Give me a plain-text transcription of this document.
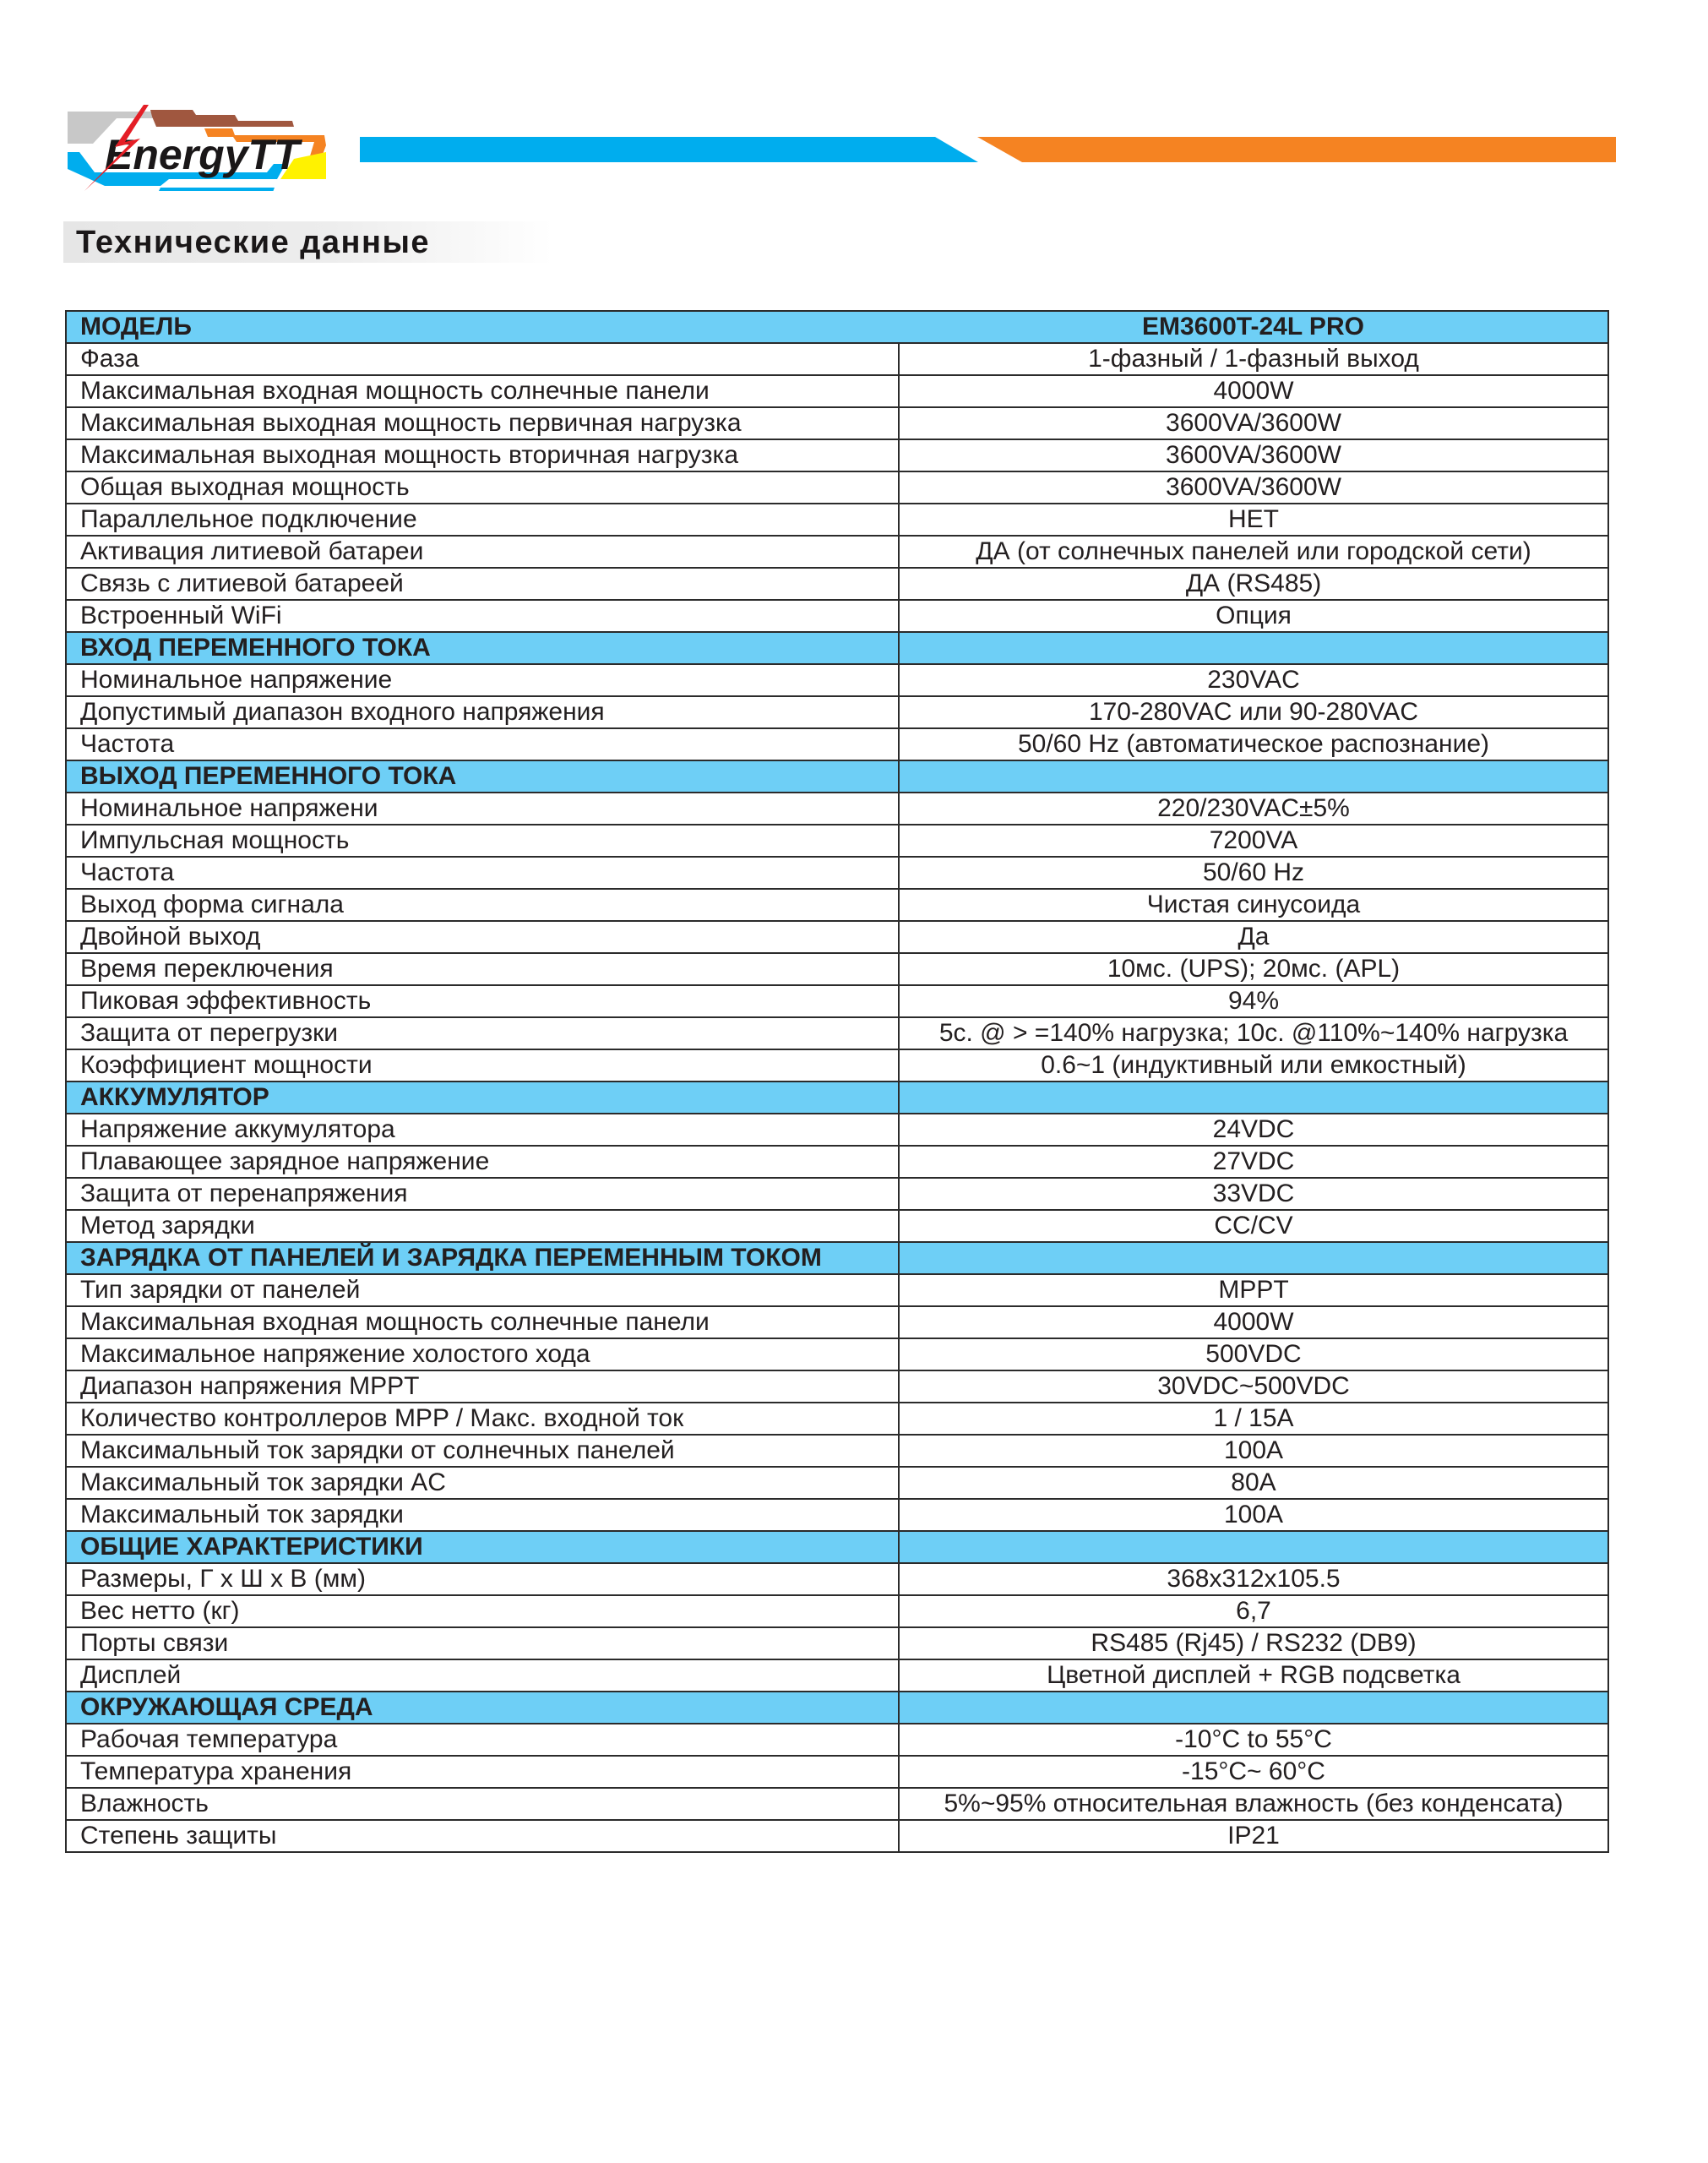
EnergyTT
Технические данные
МОДЕЛЬ	EM3600T-24L PRO
Фаза	1-фазный / 1-фазный выход
Максимальная входная мощность солнечные панели	4000W
Максимальная выходная мощность первичная нагрузка	3600VA/3600W
Максимальная выходная мощность вторичная нагрузка	3600VA/3600W
Общая выходная мощность	3600VA/3600W
Параллельное подключение	НЕТ
Активация литиевой батареи	ДА (от солнечных панелей или городской сети)
Связь с литиевой батареей	ДА (RS485)
Встроенный WiFi	Опция
ВХОД ПЕРЕМЕННОГО ТОКА	
Номинальное напряжение	230VAC
Допустимый диапазон входного напряжения	170-280VAC или 90-280VAC
Частота	50/60 Hz (автоматическое распознание)
ВЫХОД ПЕРЕМЕННОГО ТОКА	
Номинальное напряжени	220/230VAC±5%
Импульсная мощность	7200VA
Частота	50/60 Hz
Выход форма сигнала	Чистая синусоида
Двойной выход	Да
Время переключения	10мс. (UPS); 20мс. (APL)
Пиковая эффективность	94%
Защита от перегрузки	5с. @ > =140% нагрузка; 10с. @110%~140% нагрузка
Коэффициент мощности	0.6~1 (индуктивный или емкостный)
АККУМУЛЯТОР	
Напряжение аккумулятора	24VDC
Плавающее зарядное напряжение	27VDC
Защита от перенапряжения	33VDC
Метод зарядки	CC/CV
ЗАРЯДКА ОТ ПАНЕЛЕЙ И ЗАРЯДКА ПЕРЕМЕННЫМ ТОКОМ	
Тип зарядки от панелей	MPPT
Максимальная входная мощность солнечные панели	4000W
Максимальное напряжение холостого хода	500VDC
Диапазон напряжения MPPT	30VDC~500VDC
Количество контроллеров MPP / Макс. входной ток	1 / 15A
Максимальный ток зарядки от солнечных панелей	100A
Максимальный ток зарядки AC	80A
Максимальный ток зарядки	100A
ОБЩИЕ ХАРАКТЕРИСТИКИ	
Размеры, Г х Ш х В (мм)	368x312x105.5
Вес нетто (кг)	6,7
Порты связи	RS485 (Rj45) / RS232 (DB9)
Дисплей	Цветной дисплей + RGB подсветка
ОКРУЖАЮЩАЯ СРЕДА	
Рабочая температура	-10°C to 55°C
Температура хранения	-15°C~ 60°C
Влажность	5%~95% относительная влажность (без конденсата)
Степень защиты	IP21
